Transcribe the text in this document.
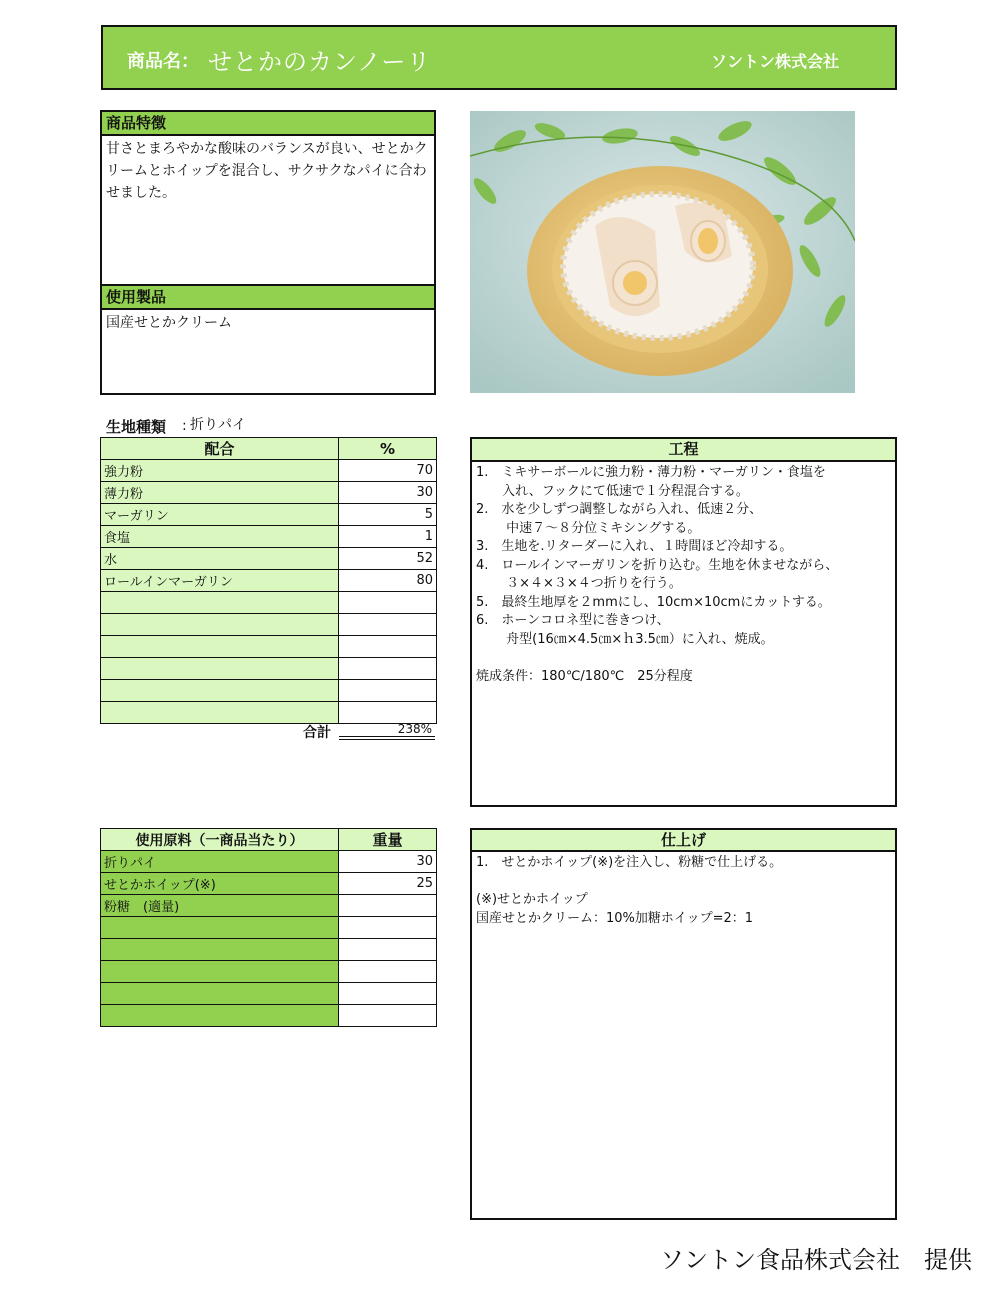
商品名： せとかのカンノーリ	ソントン株式会社
商品特徴
甘さとまろやかな酸味のバランスが良い、せとかクリームとホイップを混合し、サクサクなパイに合わせました。
使用製品
国産せとかクリーム
生地種類 : 折りパイ
配合	%
強力粉	70
薄力粉	30
マーガリン	5
食塩	1
水	52
ロールインマーガリン	80

合計	238%
工程
1.　ミキサーボールに強力粉・薄力粉・マーガリン・食塩を
　　入れ、フックにて低速で１分程混合する。
2.　水を少しずつ調整しながら入れ、低速２分、
　　 中速７～８分位ミキシングする。
3.　生地を.リターダーに入れ、１時間ほど冷却する。
4.　ロールインマーガリンを折り込む。生地を休ませながら、
　　 ３×４×３×４つ折りを行う。
5.　最終生地厚を２mmにし、10cm×10cmにカットする。
6.　ホーンコロネ型に巻きつけ、
　　 舟型(16㎝×4.5㎝×ｈ3.5㎝）に入れ、焼成。
焼成条件：180℃/180℃　25分程度
使用原料（一商品当たり）	重量
折りパイ	30
せとかホイップ(※)	25
粉糖　(適量)	

仕上げ
1.　せとかホイップ(※)を注入し、粉糖で仕上げる。
(※)せとかホイップ
国産せとかクリーム：10%加糖ホイップ=2：1
ソントン食品株式会社　提供
